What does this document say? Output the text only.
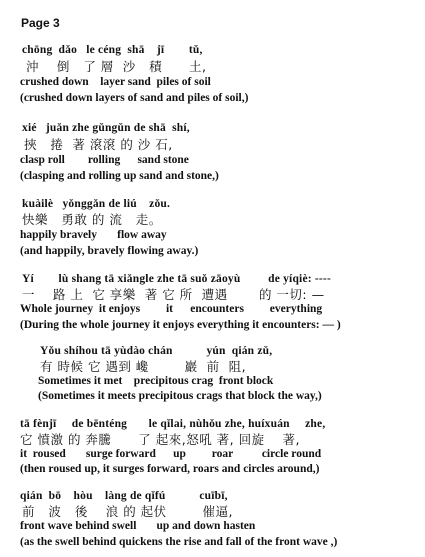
Page 3
chōng  dǎo   le céng  shā    jī        tǔ,
沖    倒   了 層  沙   積      土,
crushed down    layer sand  piles of soil
(crushed down layers of sand and piles of soil,)
xié   juǎn zhe gǔngǔn de shā  shí,
挾   捲  著 滾滾 的 沙 石,
clasp roll        rolling      sand stone
(clasping and rolling up sand and stone,)
kuàilè   yǒnggǎn de liú    zǒu.
快樂   勇敢 的 流   走。
happily bravely       flow away
(and happily, bravely flowing away.)
Yí        lù shang tā xiǎngle zhe tā suǒ zāoyù         de yíqiè: ----
一    路 上  它 享樂  著 它 所  遭遇       的 一切: —
Whole journey  it enjoys         it      encounters         everything
(During the whole journey it enjoys everything it encounters: — )
Yǒu shíhou tā yùdào chán           yún  qián zǔ,
有 時候 它 遇到 巉        巖  前  阻,
Sometimes it met    precipitous crag  front block
(Sometimes it meets precipitous crags that block the way,)
tā fènjī     de bēnténg       le qǐlai, nùhǒu zhe, huíxuán     zhe,
它 憤激 的 奔騰      了 起來,怒吼 著, 回旋    著,
it  roused       surge forward      up         roar          circle round
(then roused up, it surges forward, roars and circles around,)
qián  bō    hòu    làng de qǐfú           cuībī,
前   波   後    浪 的 起伏        催逼,
front wave behind swell       up and down hasten
(as the swell behind quickens the rise and fall of the front wave ,)
